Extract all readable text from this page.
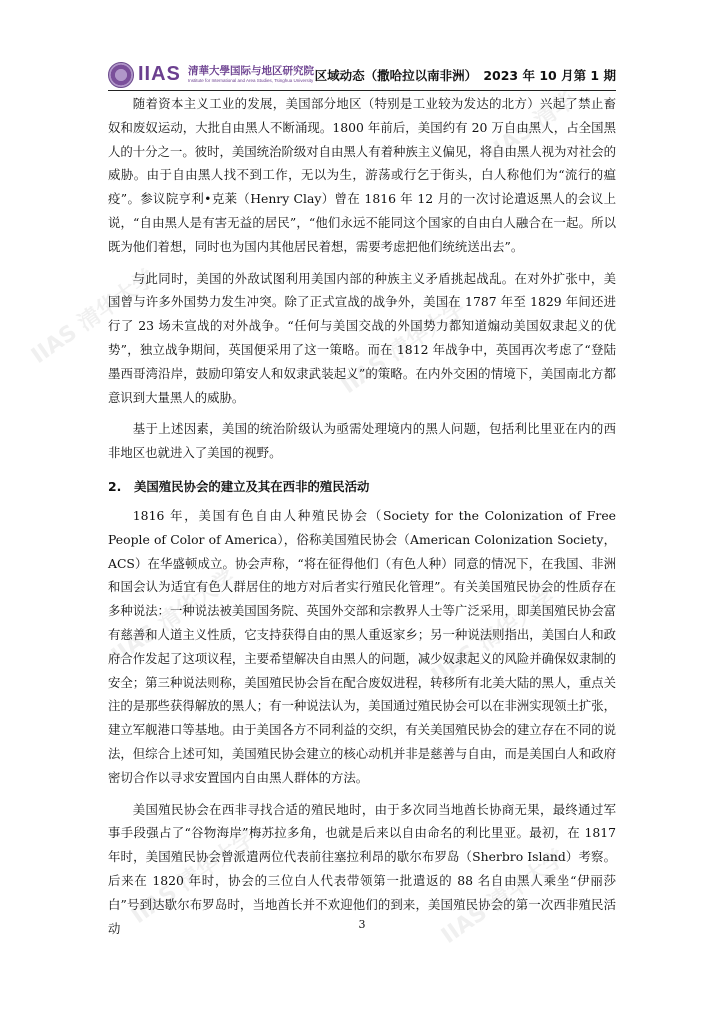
IIAS 清华大学	IIAS 清华大学
IIAS 清华大学	IIAS 清华大学
IIAS 清华大学	IIAS 清华大学
IIAS 清华
IIAS 清華大學国际与地区研究院
Institute for International and Area Studies, Tsinghua University 区域动态（撒哈拉以南非洲）　2023 年 10 月第 1 期

随着资本主义工业的发展，美国部分地区（特别是工业较为发达的北方）兴起了禁止畜奴和废奴运动，大批自由黑人不断涌现。1800 年前后，美国约有 20 万自由黑人，占全国黑人的十分之一。彼时，美国统治阶级对自由黑人有着种族主义偏见，将自由黑人视为对社会的威胁。由于自由黑人找不到工作，无以为生，游荡或行乞于街头，白人称他们为“流行的瘟疫”。参议院亨利•克莱（Henry Clay）曾在 1816 年 12 月的一次讨论遣返黑人的会议上说，“自由黑人是有害无益的居民”，“他们永远不能同这个国家的自由白人融合在一起。所以既为他们着想，同时也为国内其他居民着想，需要考虑把他们统统送出去”。

与此同时，美国的外敌试图利用美国内部的种族主义矛盾挑起战乱。在对外扩张中，美国曾与许多外国势力发生冲突。除了正式宣战的战争外，美国在 1787 年至 1829 年间还进行了 23 场未宣战的对外战争。“任何与美国交战的外国势力都知道煽动美国奴隶起义的优势”，独立战争期间，英国便采用了这一策略。而在 1812 年战争中，英国再次考虑了“登陆墨西哥湾沿岸，鼓励印第安人和奴隶武装起义”的策略。在内外交困的情境下，美国南北方都意识到大量黑人的威胁。

基于上述因素，美国的统治阶级认为亟需处理境内的黑人问题，包括利比里亚在内的西非地区也就进入了美国的视野。

2. 美国殖民协会的建立及其在西非的殖民活动

1816 年，美国有色自由人种殖民协会（Society for the Colonization of Free People of Color of America），俗称美国殖民协会（American Colonization Society，ACS）在华盛顿成立。协会声称，“将在征得他们（有色人种）同意的情况下，在我国、非洲和国会认为适宜有色人群居住的地方对后者实行殖民化管理”。有关美国殖民协会的性质存在多种说法：一种说法被美国国务院、英国外交部和宗教界人士等广泛采用，即美国殖民协会富有慈善和人道主义性质，它支持获得自由的黑人重返家乡；另一种说法则指出，美国白人和政府合作发起了这项议程，主要希望解决自由黑人的问题，减少奴隶起义的风险并确保奴隶制的安全；第三种说法则称，美国殖民协会旨在配合废奴进程，转移所有北美大陆的黑人，重点关注的是那些获得解放的黑人；有一种说法认为，美国通过殖民协会可以在非洲实现领土扩张，建立军舰港口等基地。由于美国各方不同利益的交织，有关美国殖民协会的建立存在不同的说法，但综合上述可知，美国殖民协会建立的核心动机并非是慈善与自由，而是美国白人和政府密切合作以寻求安置国内自由黑人群体的方法。

美国殖民协会在西非寻找合适的殖民地时，由于多次同当地酋长协商无果，最终通过军事手段强占了“谷物海岸”梅苏拉多角，也就是后来以自由命名的利比里亚。最初，在 1817 年时，美国殖民协会曾派遣两位代表前往塞拉利昂的歇尔布罗岛（Sherbro Island）考察。后来在 1820 年时，协会的三位白人代表带领第一批遣返的 88 名自由黑人乘坐“伊丽莎白”号到达歇尔布罗岛时，当地酋长并不欢迎他们的到来，美国殖民协会的第一次西非殖民活动	3
